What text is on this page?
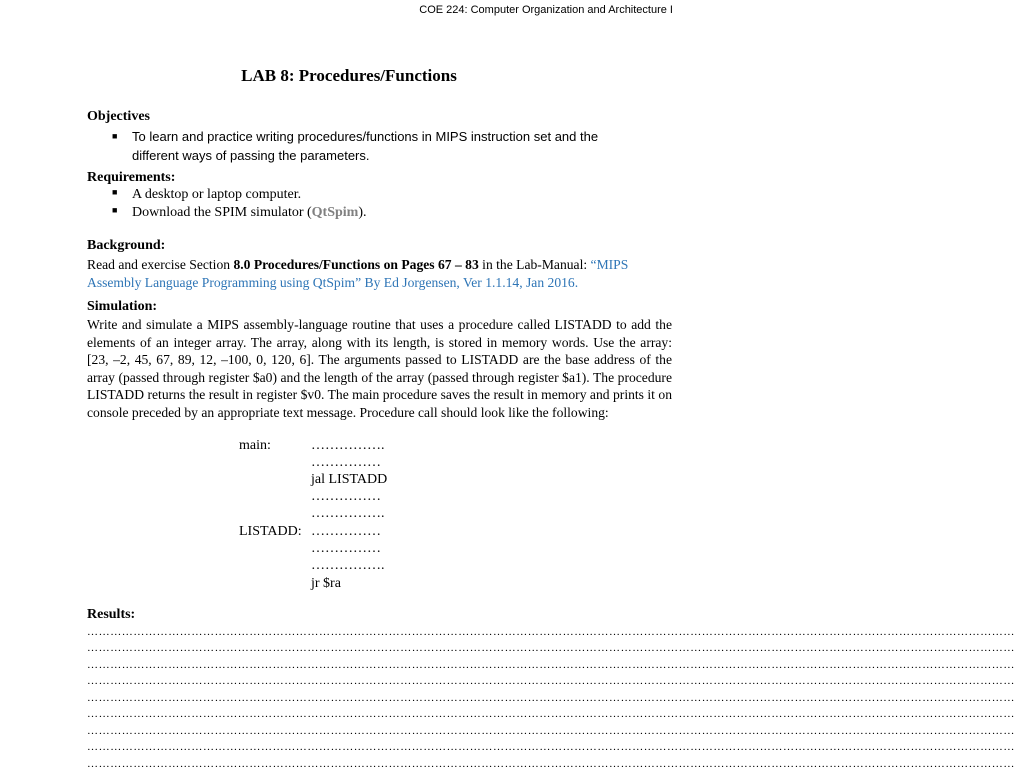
COE 224: Computer Organization and Architecture I
LAB 8: Procedures/Functions
Objectives
■ To learn and practice writing procedures/functions in MIPS instruction set and the
different ways of passing the parameters.
Requirements:
■ A desktop or laptop computer.
■ Download the SPIM simulator (QtSpim).
Background:
Read and exercise Section 8.0 Procedures/Functions on Pages 67 – 83 in the Lab-Manual: “MIPS
Assembly Language Programming using QtSpim” By Ed Jorgensen, Ver 1.1.14, Jan 2016.
Simulation:
Write and simulate a MIPS assembly-language routine that uses a procedure called LISTADD to add the elements of an integer array. The array, along with its length, is stored in memory words. Use the array: [23, –2, 45, 67, 89, 12, –100, 0, 120, 6]. The arguments passed to LISTADD are the base address of the array (passed through register $a0) and the length of the array (passed through register $a1). The procedure LISTADD returns the result in register $v0. The main procedure saves the result in memory and prints it on console preceded by an appropriate text message. Procedure call should look like the following:
main:
LISTADD:
…………….
……………
jal LISTADD
……………
…………….
……………
……………
…………….
jr $ra
Results:
……………………………………………………………………………………………………………………………………………………………………………………………………………………
……………………………………………………………………………………………………………………………………………………………………………………………………………………
……………………………………………………………………………………………………………………………………………………………………………………………………………………
……………………………………………………………………………………………………………………………………………………………………………………………………………………
……………………………………………………………………………………………………………………………………………………………………………………………………………………
……………………………………………………………………………………………………………………………………………………………………………………………………………………
……………………………………………………………………………………………………………………………………………………………………………………………………………………
……………………………………………………………………………………………………………………………………………………………………………………………………………………
……………………………………………………………………………………………………………………………………………………………………………………………………………………
